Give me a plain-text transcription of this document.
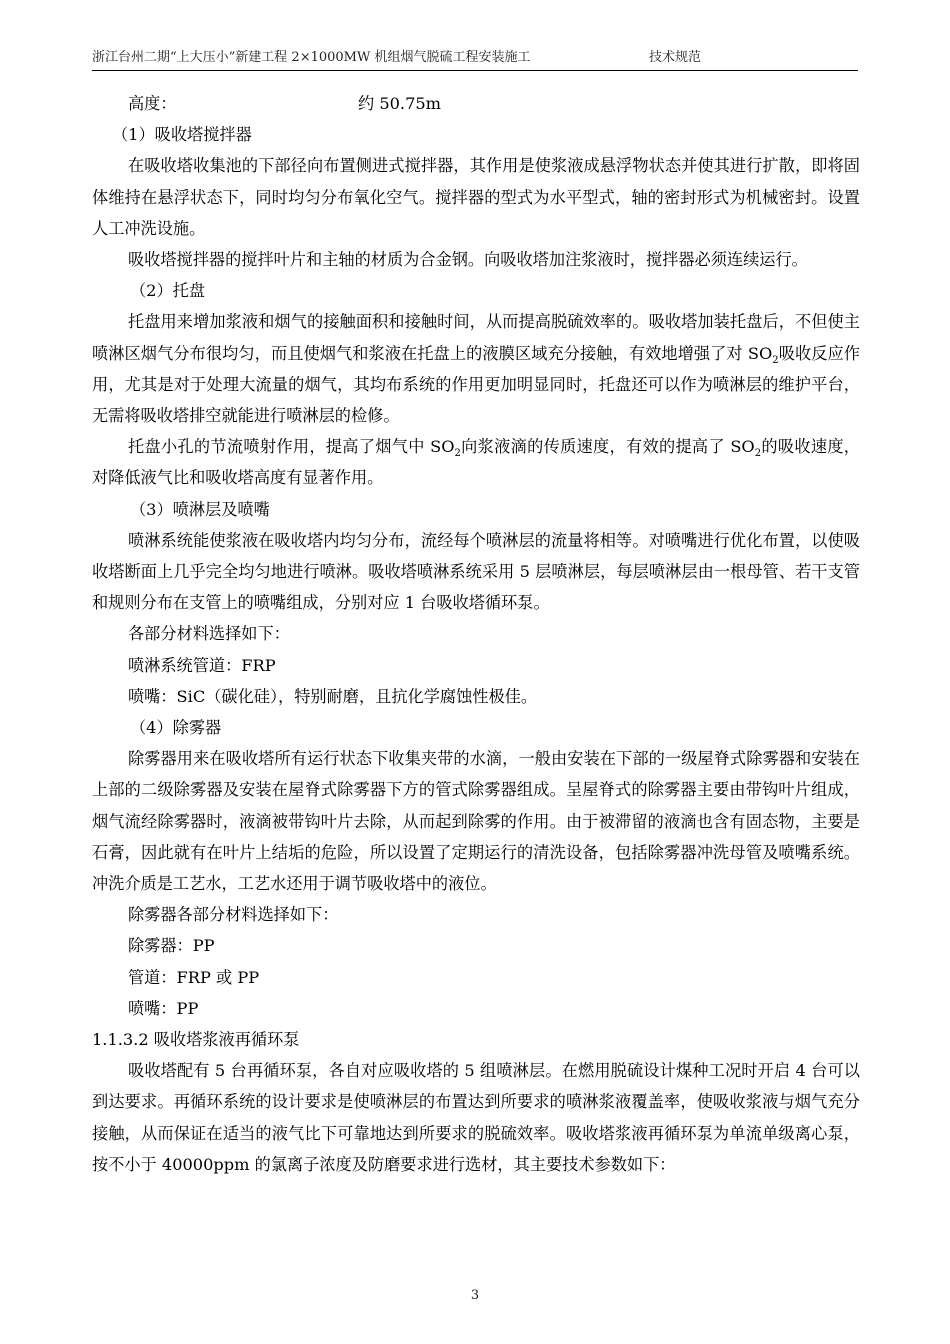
浙江台州二期“上大压小”新建工程 2×1000MW 机组烟气脱硫工程安装施工	技术规范
高度：	约 50.75m

（1）吸收塔搅拌器

在吸收塔收集池的下部径向布置侧进式搅拌器，其作用是使浆液成悬浮物状态并使其进行扩散，即将固体维持在悬浮状态下，同时均匀分布氧化空气。搅拌器的型式为水平型式，轴的密封形式为机械密封。设置人工冲洗设施。

吸收塔搅拌器的搅拌叶片和主轴的材质为合金钢。向吸收塔加注浆液时，搅拌器必须连续运行。

（2）托盘

托盘用来增加浆液和烟气的接触面积和接触时间，从而提高脱硫效率的。吸收塔加装托盘后，不但使主喷淋区烟气分布很均匀，而且使烟气和浆液在托盘上的液膜区域充分接触，有效地增强了对 $SO_2$吸收反应作用，尤其是对于处理大流量的烟气，其均布系统的作用更加明显同时，托盘还可以作为喷淋层的维护平台，无需将吸收塔排空就能进行喷淋层的检修。

托盘小孔的节流喷射作用，提高了烟气中 $SO_2$向浆液滴的传质速度，有效的提高了 $SO_2$的吸收速度，对降低液气比和吸收塔高度有显著作用。

（3）喷淋层及喷嘴

喷淋系统能使浆液在吸收塔内均匀分布，流经每个喷淋层的流量将相等。对喷嘴进行优化布置，以使吸收塔断面上几乎完全均匀地进行喷淋。吸收塔喷淋系统采用 5 层喷淋层，每层喷淋层由一根母管、若干支管和规则分布在支管上的喷嘴组成，分别对应 1 台吸收塔循环泵。

各部分材料选择如下：

喷淋系统管道：FRP

喷嘴：SiC（碳化硅），特别耐磨，且抗化学腐蚀性极佳。

（4）除雾器

除雾器用来在吸收塔所有运行状态下收集夹带的水滴，一般由安装在下部的一级屋脊式除雾器和安装在上部的二级除雾器及安装在屋脊式除雾器下方的管式除雾器组成。呈屋脊式的除雾器主要由带钩叶片组成，烟气流经除雾器时，液滴被带钩叶片去除，从而起到除雾的作用。由于被滞留的液滴也含有固态物，主要是石膏，因此就有在叶片上结垢的危险，所以设置了定期运行的清洗设备，包括除雾器冲洗母管及喷嘴系统。冲洗介质是工艺水，工艺水还用于调节吸收塔中的液位。

除雾器各部分材料选择如下：

除雾器：PP

管道：FRP 或 PP

喷嘴：PP

1.1.3.2 吸收塔浆液再循环泵

吸收塔配有 5 台再循环泵，各自对应吸收塔的 5 组喷淋层。在燃用脱硫设计煤种工况时开启 4 台可以到达要求。再循环系统的设计要求是使喷淋层的布置达到所要求的喷淋浆液覆盖率，使吸收浆液与烟气充分接触，从而保证在适当的液气比下可靠地达到所要求的脱硫效率。吸收塔浆液再循环泵为单流单级离心泵，按不小于 40000ppm 的氯离子浓度及防磨要求进行选材，其主要技术参数如下：

3
